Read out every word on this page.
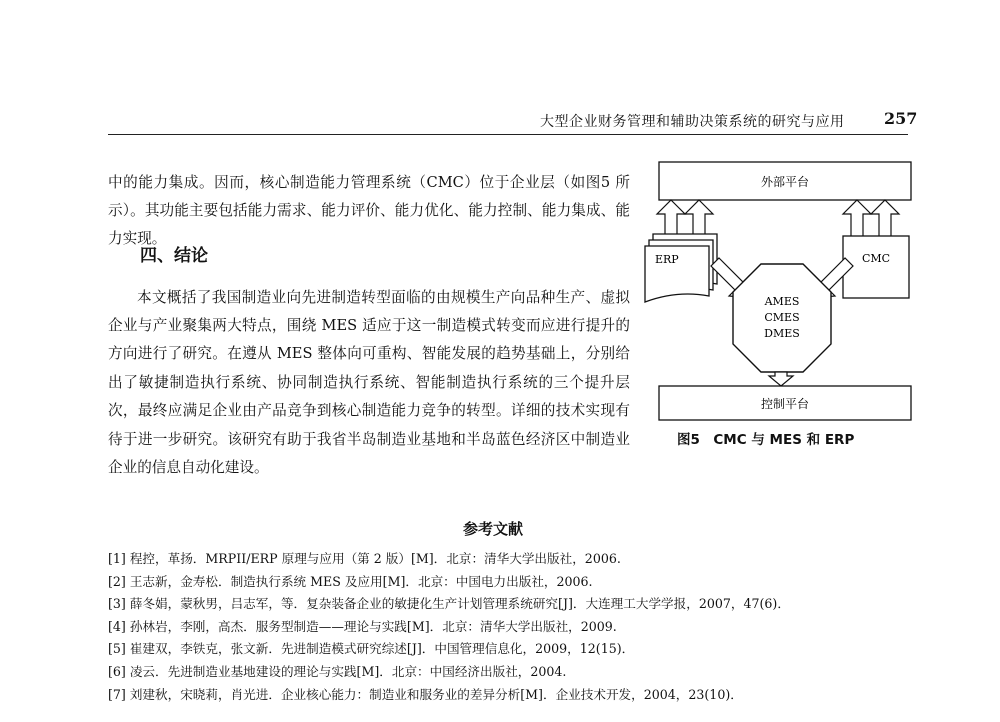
大型企业财务管理和辅助决策系统的研究与应用 257

中的能力集成。因而，核心制造能力管理系统（CMC）位于企业层（如图5 所示）。其功能主要包括能力需求、能力评价、能力优化、能力控制、能力集成、能力实现。

四、结论

本文概括了我国制造业向先进制造转型面临的由规模生产向品种生产、虚拟企业与产业聚集两大特点，围绕 MES 适应于这一制造模式转变而应进行提升的方向进行了研究。在遵从 MES 整体向可重构、智能发展的趋势基础上，分别给出了敏捷制造执行系统、协同制造执行系统、智能制造执行系统的三个提升层次，最终应满足企业由产品竞争到核心制造能力竞争的转型。详细的技术实现有待于进一步研究。该研究有助于我省半岛制造业基地和半岛蓝色经济区中制造业企业的信息自动化建设。

外部平台
ERP	CMC
AMES
CMES
DMES
控制平台
图5　CMC 与 MES 和 ERP
参考文献
[1] 程控，革扬．MRPII/ERP 原理与应用（第 2 版）[M]．北京：清华大学出版社，2006.
[2] 王志新，金寿松．制造执行系统 MES 及应用[M]．北京：中国电力出版社，2006.
[3] 薛冬娟，蒙秋男，吕志军，等．复杂装备企业的敏捷化生产计划管理系统研究[J]．大连理工大学学报，2007，47(6)．
[4] 孙林岩，李刚，高杰．服务型制造——理论与实践[M]．北京：清华大学出版社，2009.
[5] 崔建双，李铁克，张文新．先进制造模式研究综述[J]．中国管理信息化，2009，12(15)．
[6] 凌云．先进制造业基地建设的理论与实践[M]．北京：中国经济出版社，2004.
[7] 刘建秋，宋晓莉，肖光进．企业核心能力：制造业和服务业的差异分析[M]．企业技术开发，2004，23(10)．
